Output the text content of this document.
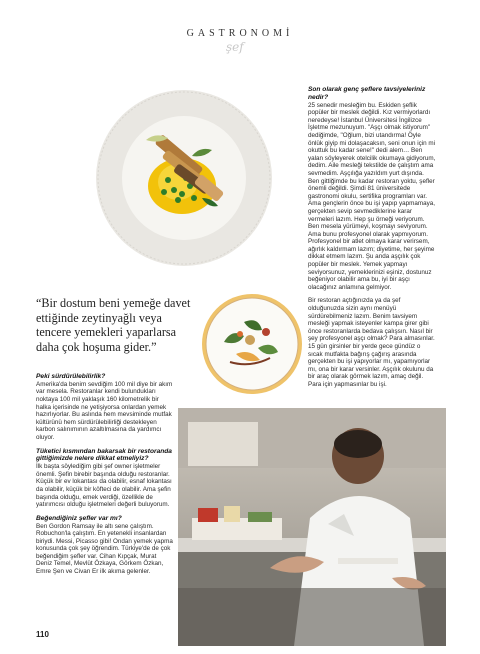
GASTRONOMİ
şef

Son olarak genç şeflere tavsiyeleriniz nedir?

25 senedir mesleğim bu. Eskiden şeflik popüler bir meslek değildi. Kız vermiyorlardı neredeyse! İstanbul Üniversitesi İngilizce İşletme mezunuyum. "Aşçı olmak istiyorum" dediğimde, "Oğlum, bizi utandırma! Öyle önlük giyip mi dolaşacaksın, seni onun için mi okuttuk bu kadar sene!" dedi alem… Ben yalan söyleyerek otelcilik okumaya gidiyorum, dedim. Aile mesleği tekstilde de çalıştım ama sevmedim. Aşçılığa yazıldım yurt dışında. Ben gittiğimde bu kadar restoran yoktu, şefler önemli değildi. Şimdi 81 üniversitede gastronomi okulu, sertifika programları var. Ama gençlerin önce bu işi yapıp yapmamaya, gerçekten sevip sevmediklerine karar vermeleri lazım. Hep şu örneği veriyorum. Ben mesela yürümeyi, koşmayı seviyorum. Ama bunu profesyonel olarak yapmıyorum. Profesyonel bir atlet olmaya karar verirsem, ağırlık kaldırmam lazım; diyetime, her şeyime dikkat etmem lazım. Şu anda aşçılık çok popüler bir meslek. Yemek yapmayı seviyorsunuz, yemeklerinizi eşiniz, dostunuz beğeniyor olabilir ama bu, iyi bir aşçı olacağınız anlamına gelmiyor.

Bir restoran açtığınızda ya da şef olduğunuzda sizin aynı menüyü sürdürebilmeniz lazım. Benim tavsiyem mesleği yapmak isteyenler kampa girer gibi önce restoranlarda bedava çalışsın. Nasıl bir şey profesyonel aşçı olmak? Para almasınlar. 15 gün girsinler bir yerde gece gündüz o sıcak mutfakta bağırış çağırış arasında gerçekten bu işi yapıyorlar mı, yapamıyorlar mı, ona bir karar versinler. Aşçılık okulunu da bir araç olarak görmek lazım, amaç değil. Para için yapmasınlar bu işi.

“Bir dostum beni yemeğe davet ettiğinde zeytinyağlı veya tencere yemekleri yaparlarsa daha çok hoşuma gider.”

Peki sürdürülebilirlik?

Amerika'da benim sevdiğim 100 mil diye bir akım var mesela. Restoranlar kendi bulundukları noktaya 100 mil yaklaşık 160 kilometrelik bir halka içerisinde ne yetişiyorsa onlardan yemek hazırlıyorlar. Bu aslında hem mevsiminde mutfak kültürünü hem sürdürülebilirliği destekleyen karbon salınımının azaltılmasına da yardımcı oluyor.

Tüketici kısmından bakarsak bir restoranda gittiğimizde nelere dikkat etmeliyiz?

İlk başta söylediğim gibi şef owner işletmeler önemli. Şefin birebir başında olduğu restoranlar. Küçük bir ev lokantası da olabilir, esnaf lokantası da olabilir, küçük bir köfteci de olabilir. Ama şefin başında olduğu, emek verdiği, özellikle de yatırımcısı olduğu işletmeleri değerli buluyorum.

Beğendiğiniz şefler var mı?

Ben Gordon Ramsay ile altı sene çalıştım. Robuchon'la çalıştım. En yetenekli insanlardan biriydi. Messi, Picasso gibi! Ondan yemek yapma konusunda çok şey öğrendim. Türkiye'de de çok beğendiğim şefler var. Cihan Kıpçak, Murat Deniz Temel, Mevlüt Özkaya, Görkem Özkan, Emre Şen ve Civan Er ilk akıma gelenler.

110
